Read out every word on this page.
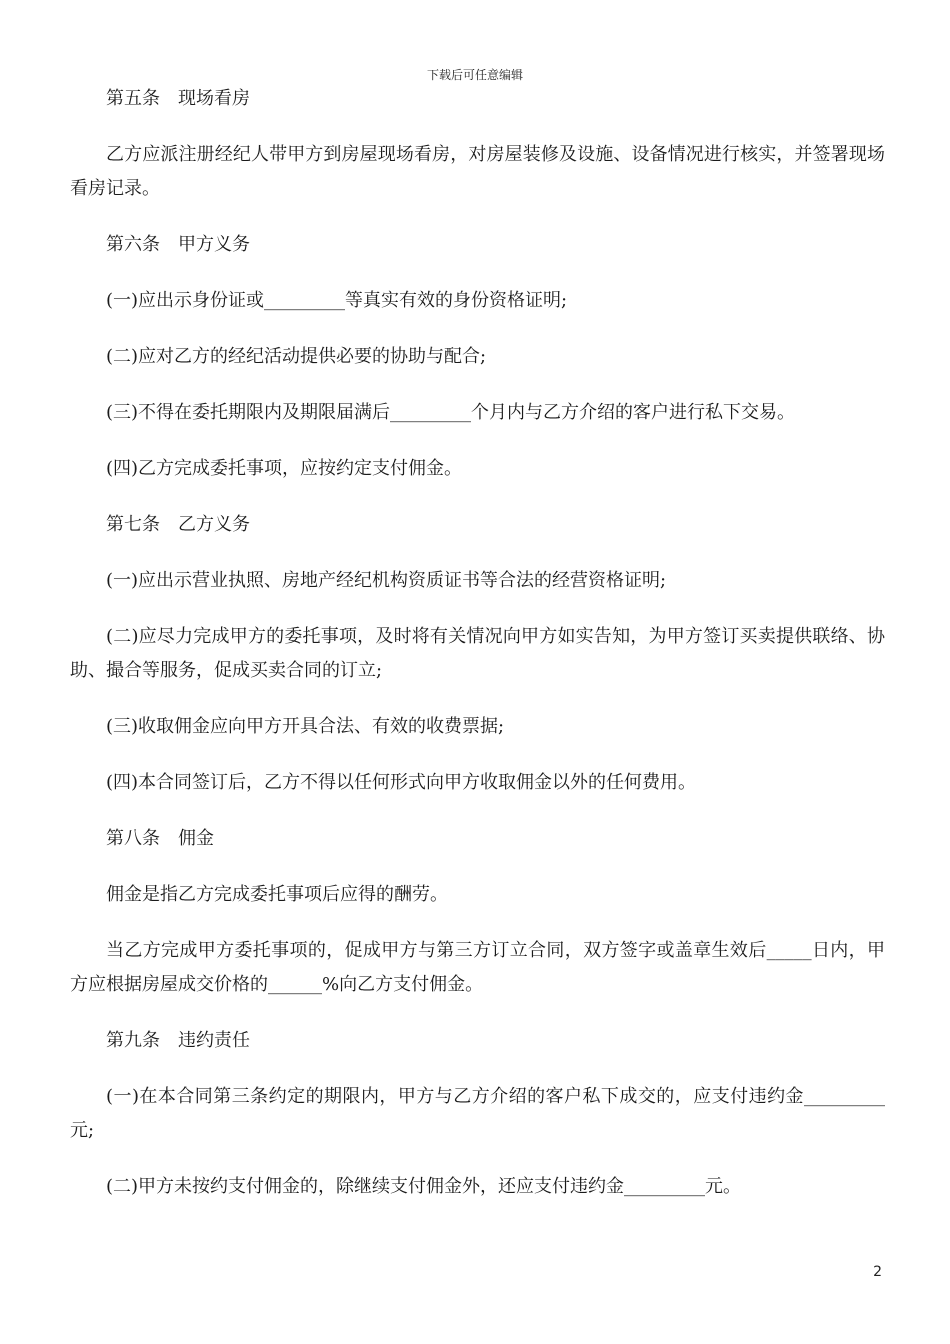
下载后可任意编辑

第五条　现场看房

乙方应派注册经纪人带甲方到房屋现场看房，对房屋装修及设施、设备情况进行核实，并签署现场看房记录。

第六条　甲方义务

(一)应出示身份证或_________等真实有效的身份资格证明;

(二)应对乙方的经纪活动提供必要的协助与配合;

(三)不得在委托期限内及期限届满后_________个月内与乙方介绍的客户进行私下交易。

(四)乙方完成委托事项，应按约定支付佣金。

第七条　乙方义务

(一)应出示营业执照、房地产经纪机构资质证书等合法的经营资格证明;

(二)应尽力完成甲方的委托事项，及时将有关情况向甲方如实告知，为甲方签订买卖提供联络、协助、撮合等服务，促成买卖合同的订立;

(三)收取佣金应向甲方开具合法、有效的收费票据;

(四)本合同签订后，乙方不得以任何形式向甲方收取佣金以外的任何费用。

第八条　佣金

佣金是指乙方完成委托事项后应得的酬劳。

当乙方完成甲方委托事项的，促成甲方与第三方订立合同，双方签字或盖章生效后_____日内，甲方应根据房屋成交价格的______%向乙方支付佣金。

第九条　违约责任

(一)在本合同第三条约定的期限内，甲方与乙方介绍的客户私下成交的，应支付违约金_________元;

(二)甲方未按约支付佣金的，除继续支付佣金外，还应支付违约金_________元。

2
